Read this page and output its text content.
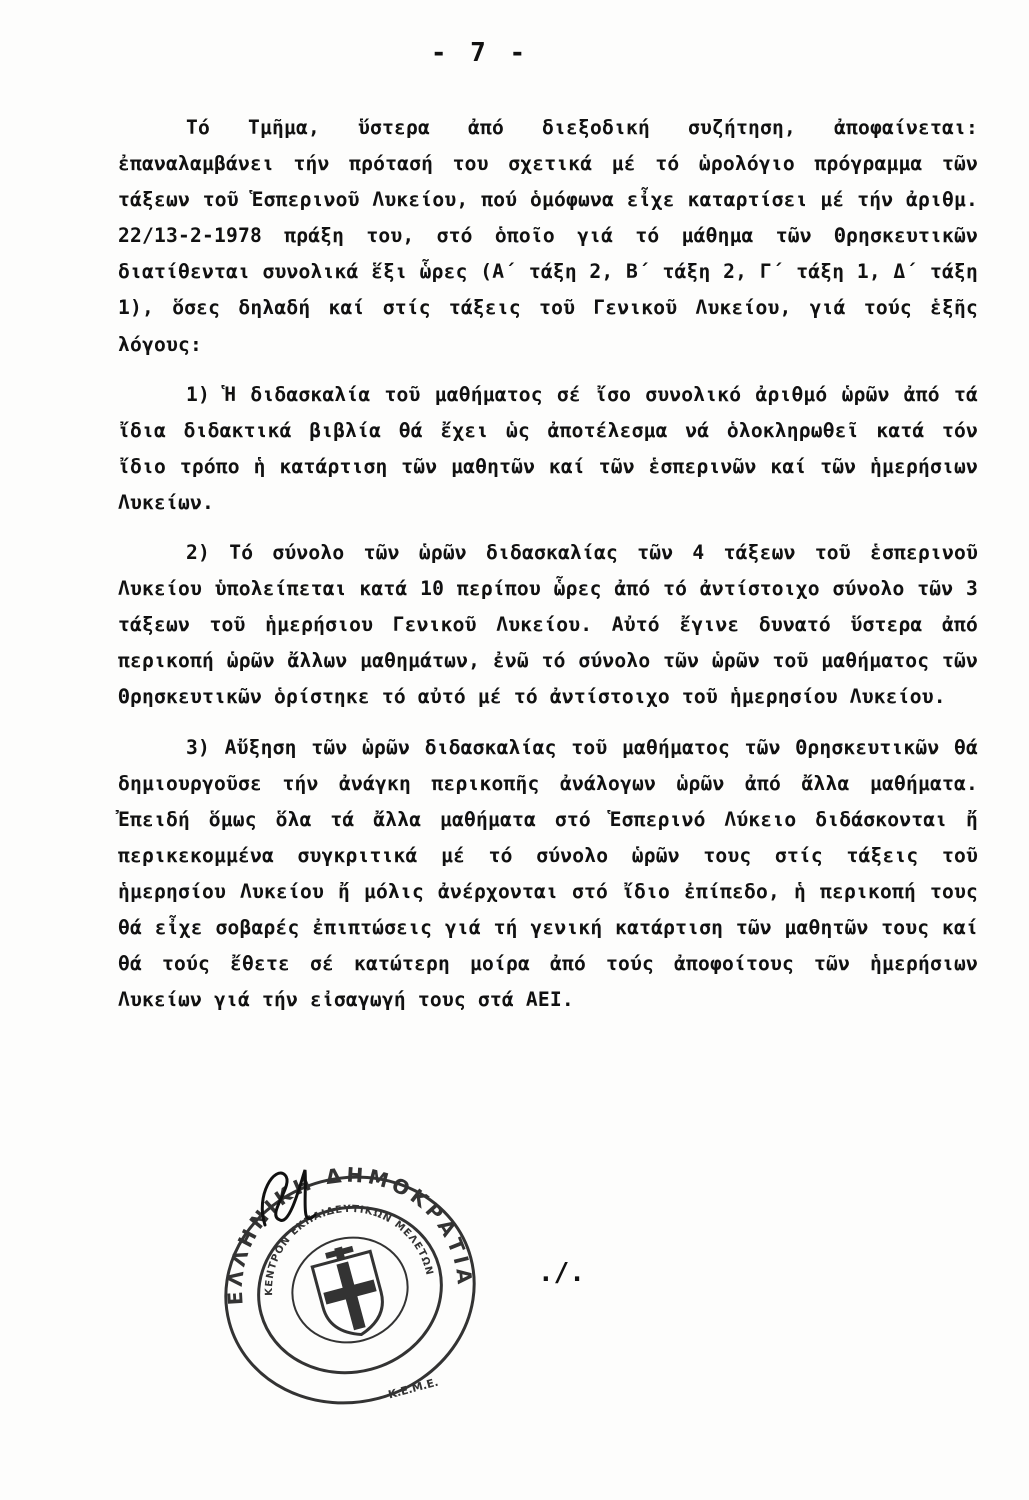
- 7 -

Τό Τμῆμα, ὕστερα ἀπό διεξοδική συζήτηση, ἀποφαίνεται: ἐπαναλαμβάνει τήν πρότασή του σχετικά μέ τό ὡρολόγιο πρόγραμμα τῶν τάξεων τοῦ Ἑσπερινοῦ Λυκείου, πού ὁμόφωνα εἶχε καταρτίσει μέ τήν ἀριθμ. 22/13-2-1978 πράξη του, στό ὁποῖο γιά τό μάθημα τῶν Θρησκευτικῶν διατίθενται συνολικά ἕξι ὧρες (Α΄ τάξη 2, Β΄ τάξη 2, Γ΄ τάξη 1, Δ΄ τάξη 1), ὅσες δηλαδή καί στίς τάξεις τοῦ Γενικοῦ Λυκείου, γιά τούς ἑξῆς λόγους:

1) Ἡ διδασκαλία τοῦ μαθήματος σέ ἴσο συνολικό ἀριθμό ὡρῶν ἀπό τά ἴδια διδακτικά βιβλία θά ἔχει ὡς ἀποτέλεσμα νά ὁλοκληρωθεῖ κατά τόν ἴδιο τρόπο ἡ κατάρτιση τῶν μαθητῶν καί τῶν ἑσπερινῶν καί τῶν ἡμερήσιων Λυκείων.

2) Τό σύνολο τῶν ὡρῶν διδασκαλίας τῶν 4 τάξεων τοῦ ἑσπερινοῦ Λυκείου ὑπολείπεται κατά 10 περίπου ὧρες ἀπό τό ἀντίστοιχο σύνολο τῶν 3 τάξεων τοῦ ἡμερήσιου Γενικοῦ Λυκείου. Αὐτό ἔγινε δυνατό ὕστερα ἀπό περικοπή ὡρῶν ἄλλων μαθημάτων, ἐνῶ τό σύνολο τῶν ὡρῶν τοῦ μαθήματος τῶν Θρησκευτικῶν ὁρίστηκε τό αὐτό μέ τό ἀντίστοιχο τοῦ ἡμερησίου Λυκείου.

3) Αὔξηση τῶν ὡρῶν διδασκαλίας τοῦ μαθήματος τῶν Θρησκευτικῶν θά δημιουργοῦσε τήν ἀνάγκη περικοπῆς ἀνάλογων ὡρῶν ἀπό ἄλλα μαθήματα. Ἐπειδή ὅμως ὅλα τά ἄλλα μαθήματα στό Ἑσπερινό Λύκειο διδάσκονται ἤ περικεκομμένα συγκριτικά μέ τό σύνολο ὡρῶν τους στίς τάξεις τοῦ ἡμερησίου Λυκείου ἤ μόλις ἀνέρχονται στό ἴδιο ἐπίπεδο, ἡ περικοπή τους θά εἶχε σοβαρές ἐπιπτώσεις γιά τή γενική κατάρτιση τῶν μαθητῶν τους καί θά τούς ἔθετε σέ κατώτερη μοίρα ἀπό τούς ἀποφοίτους τῶν ἡμερήσιων Λυκείων γιά τήν εἰσαγωγή τους στά ΑΕΙ.

ΕΛΛΗΝΙΚΗ ΔΗΜΟΚΡΑΤΙΑ
ΚΕΝΤΡΟΝ ΕΚΠΑΙΔΕΥΤΙΚΩΝ ΜΕΛΕΤΩΝ
Κ.Ε.Μ.Ε.
./.
